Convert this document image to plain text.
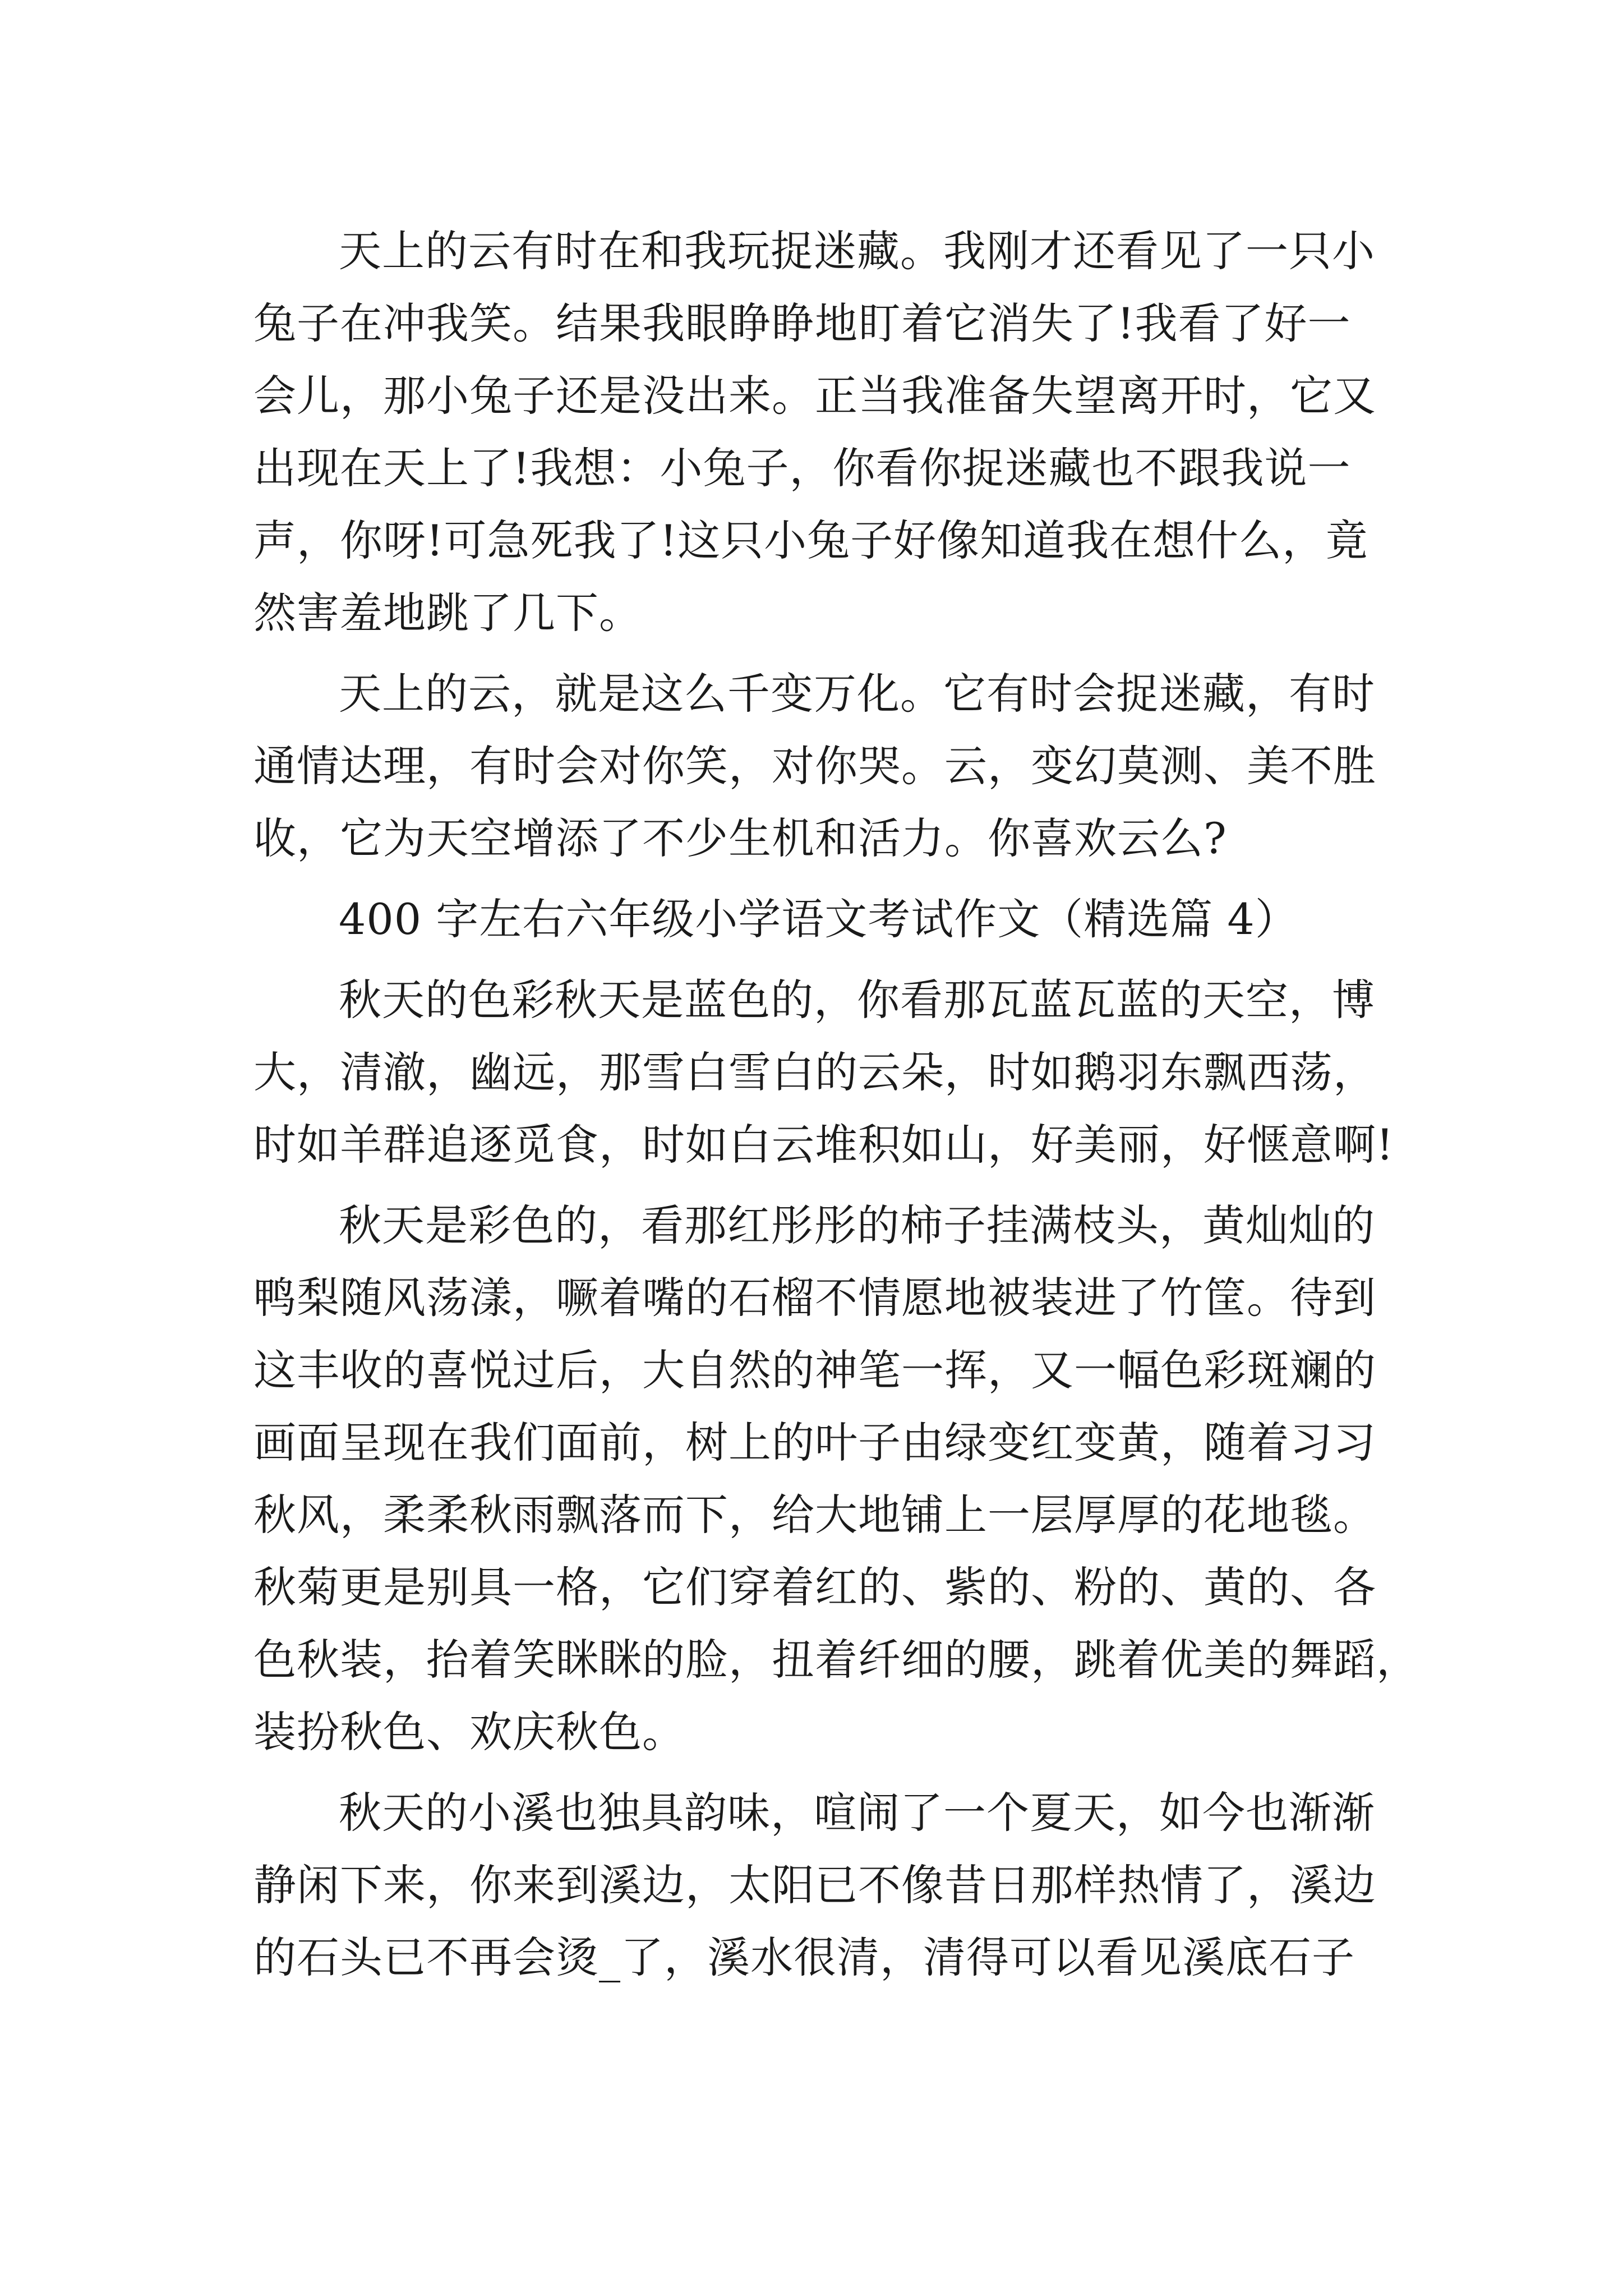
天上的云有时在和我玩捉迷藏。我刚才还看见了一只小
兔子在冲我笑。结果我眼睁睁地盯着它消失了!我看了好一
会儿，那小兔子还是没出来。正当我准备失望离开时，它又
出现在天上了!我想：小兔子，你看你捉迷藏也不跟我说一
声，你呀!可急死我了!这只小兔子好像知道我在想什么，竟
然害羞地跳了几下。
天上的云，就是这么千变万化。它有时会捉迷藏，有时
通情达理，有时会对你笑，对你哭。云，变幻莫测、美不胜
收，它为天空增添了不少生机和活力。你喜欢云么?
400 字左右六年级小学语文考试作文（精选篇 4）
秋天的色彩秋天是蓝色的，你看那瓦蓝瓦蓝的天空，博
大，清澈，幽远，那雪白雪白的云朵，时如鹅羽东飘西荡，
时如羊群追逐觅食，时如白云堆积如山，好美丽，好惬意啊!
秋天是彩色的，看那红彤彤的柿子挂满枝头，黄灿灿的
鸭梨随风荡漾，噘着嘴的石榴不情愿地被装进了竹筐。待到
这丰收的喜悦过后，大自然的神笔一挥，又一幅色彩斑斓的
画面呈现在我们面前，树上的叶子由绿变红变黄，随着习习
秋风，柔柔秋雨飘落而下，给大地铺上一层厚厚的花地毯。
秋菊更是别具一格，它们穿着红的、紫的、粉的、黄的、各
色秋装，抬着笑眯眯的脸，扭着纤细的腰，跳着优美的舞蹈，
装扮秋色、欢庆秋色。
秋天的小溪也独具韵味，喧闹了一个夏天，如今也渐渐
静闲下来，你来到溪边，太阳已不像昔日那样热情了，溪边
的石头已不再会烫_了，溪水很清，清得可以看见溪底石子
